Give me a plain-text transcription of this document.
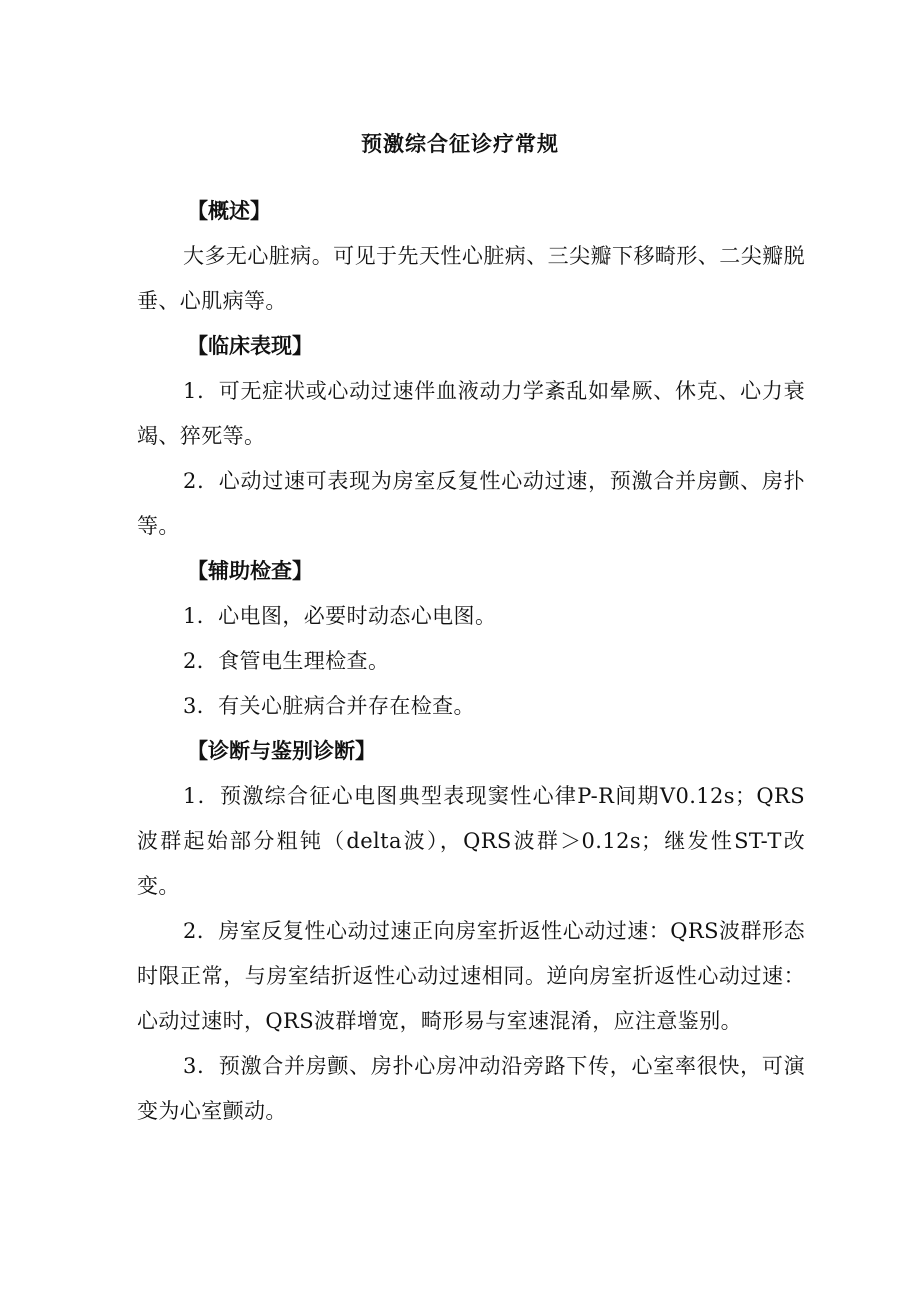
预激综合征诊疗常规
【概述】

大多无心脏病。可见于先天性心脏病、三尖瓣下移畸形、二尖瓣脱垂、心肌病等。

【临床表现】

1．可无症状或心动过速伴血液动力学紊乱如晕厥、休克、心力衰竭、猝死等。

2．心动过速可表现为房室反复性心动过速，预激合并房颤、房扑等。

【辅助检查】

1．心电图，必要时动态心电图。

2．食管电生理检查。

3．有关心脏病合并存在检查。

【诊断与鉴别诊断】

1．预激综合征心电图典型表现窦性心律P-R间期V0.12s；QRS波群起始部分粗钝（delta波），QRS波群＞0.12s；继发性ST-T改变。

2．房室反复性心动过速正向房室折返性心动过速：QRS波群形态时限正常，与房室结折返性心动过速相同。逆向房室折返性心动过速：心动过速时，QRS波群增宽，畸形易与室速混淆，应注意鉴别。

3．预激合并房颤、房扑心房冲动沿旁路下传，心室率很快，可演变为心室颤动。
